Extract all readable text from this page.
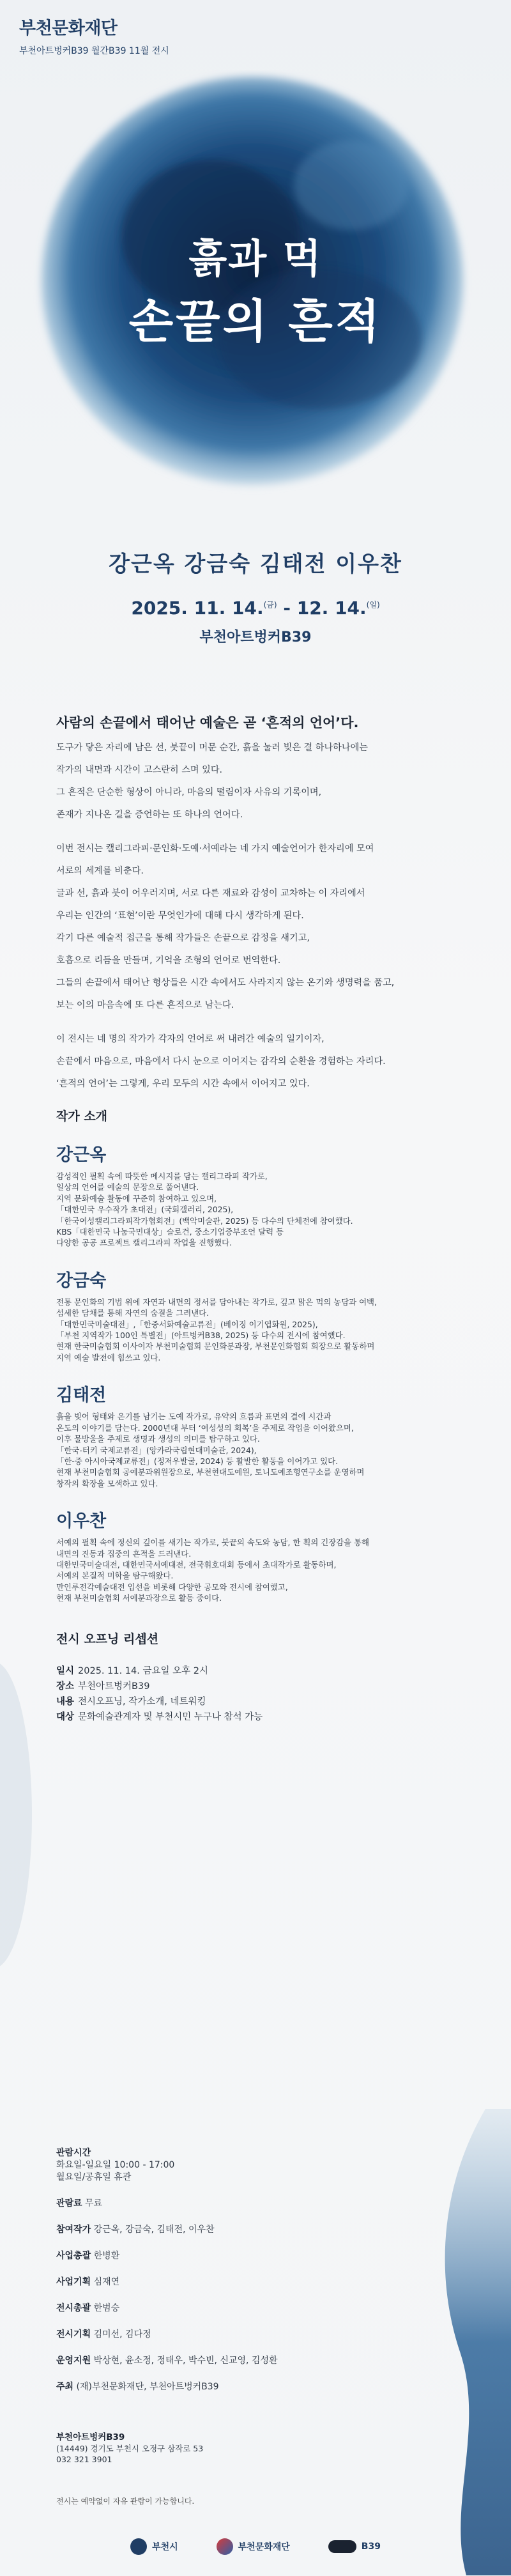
부천문화재단
부천아트벙커B39 월간B39 11월 전시
흙과 먹
손끝의 흔적
강근옥 강금숙 김태전 이우찬
2025. 11. 14.$^{(금)}$ - 12. 14.$^{(일)}$
부천아트벙커B39
사람의 손끝에서 태어난 예술은 곧 ‘흔적의 언어’다.

도구가 닿은 자리에 남은 선, 붓끝이 머문 순간, 흙을 눌러 빚은 결 하나하나에는

작가의 내면과 시간이 고스란히 스며 있다.

그 흔적은 단순한 형상이 아니라, 마음의 떨림이자 사유의 기록이며,

존재가 지나온 길을 증언하는 또 하나의 언어다.

이번 전시는 캘리그라피·문인화·도예·서예라는 네 가지 예술언어가 한자리에 모여

서로의 세계를 비춘다.

글과 선, 흙과 붓이 어우러지며, 서로 다른 재료와 감성이 교차하는 이 자리에서

우리는 인간의 ‘표현’이란 무엇인가에 대해 다시 생각하게 된다.

각기 다른 예술적 접근을 통해 작가들은 손끝으로 감정을 새기고,

호흡으로 리듬을 만들며, 기억을 조형의 언어로 번역한다.

그들의 손끝에서 태어난 형상들은 시간 속에서도 사라지지 않는 온기와 생명력을 품고,

보는 이의 마음속에 또 다른 흔적으로 남는다.

이 전시는 네 명의 작가가 각자의 언어로 써 내려간 예술의 일기이자,

손끝에서 마음으로, 마음에서 다시 눈으로 이어지는 감각의 순환을 경험하는 자리다.

‘흔적의 언어’는 그렇게, 우리 모두의 시간 속에서 이어지고 있다.

작가 소개
강근옥

감성적인 필획 속에 따뜻한 메시지를 담는 캘리그라피 작가로,

일상의 언어를 예술의 문장으로 풀어낸다.

지역 문화예술 활동에 꾸준히 참여하고 있으며,

「대한민국 우수작가 초대전」(국회갤러리, 2025),

「한국여성캘리그라피작가협회전」(백악미술관, 2025) 등 다수의 단체전에 참여했다.

KBS「대한민국 나눔국민대상」슬로건, 중소기업중부조언 달력 등

다양한 공공 프로젝트 캘리그라피 작업을 진행했다.

강금숙

전통 문인화의 기법 위에 자연과 내면의 정서를 담아내는 작가로, 깊고 맑은 먹의 농담과 여백,

섬세한 담채를 통해 자연의 숨결을 그려낸다.

「대한민국미술대전」,「한중서화예술교류전」(베이징 이기엽화원, 2025),

「부천 지역작가 100인 특별전」(아트벙커B38, 2025) 등 다수의 전시에 참여했다.

현재 한국미술협회 이사이자 부천미술협회 문인화분과장, 부천문인화협회 회장으로 활동하며

지역 예술 발전에 힘쓰고 있다.

김태전

흙을 빚어 형태와 온기를 남기는 도예 작가로, 유약의 흐름과 표면의 결에 시간과

온도의 이야기를 담는다. 2000년대 부터 ‘여성성의 회복’을 주제로 작업을 이어왔으며,

이후 물방울을 주제로 생명과 생성의 의미를 탐구하고 있다.

「한국-터키 국제교류전」(앙카라국립현대미술관, 2024),

「한-중 아시아국제교류전」(정저우발굴, 2024) 등 활발한 활동을 이어가고 있다.

현재 부천미술협회 공예분과위원장으로, 부천현대도예원, 토니도예조형연구소를 운영하며

창작의 확장을 모색하고 있다.

이우찬

서예의 필획 속에 정신의 깊이를 새기는 작가로, 붓끝의 속도와 농담, 한 획의 긴장감을 통해

내면의 진동과 집중의 흔적을 드러낸다.

대한민국미술대전, 대한민국서예대전, 전국휘호대회 등에서 초대작가로 활동하며,

서예의 본질적 미학을 탐구해왔다.

만인루전각예술대전 입선을 비롯해 다양한 공모와 전시에 참여했고,

현재 부천미술협회 서예분과장으로 활동 중이다.

전시 오프닝 리셉션
일시 2025. 11. 14. 금요일 오후 2시
장소 부천아트벙커B39
내용 전시오프닝, 작가소개, 네트워킹
대상 문화예술관계자 및 부천시민 누구나 참석 가능
관람시간
화요일-일요일 10:00 - 17:00
월요일/공휴일 휴관
관람료 무료
참여작가 강근옥, 강금숙, 김태전, 이우찬
사업총괄 한병환
사업기획 심재연
전시총괄 한범승
전시기획 김미선, 김다정
운영지원 박상현, 윤소정, 정태우, 박수빈, 신교영, 김성환
주최 (재)부천문화재단, 부천아트벙커B39
부천아트벙커B39
(14449) 경기도 부천시 오정구 삼작로 53
032 321 3901
전시는 예약없이 자유 관람이 가능합니다.
부천시	부천문화재단	B39
